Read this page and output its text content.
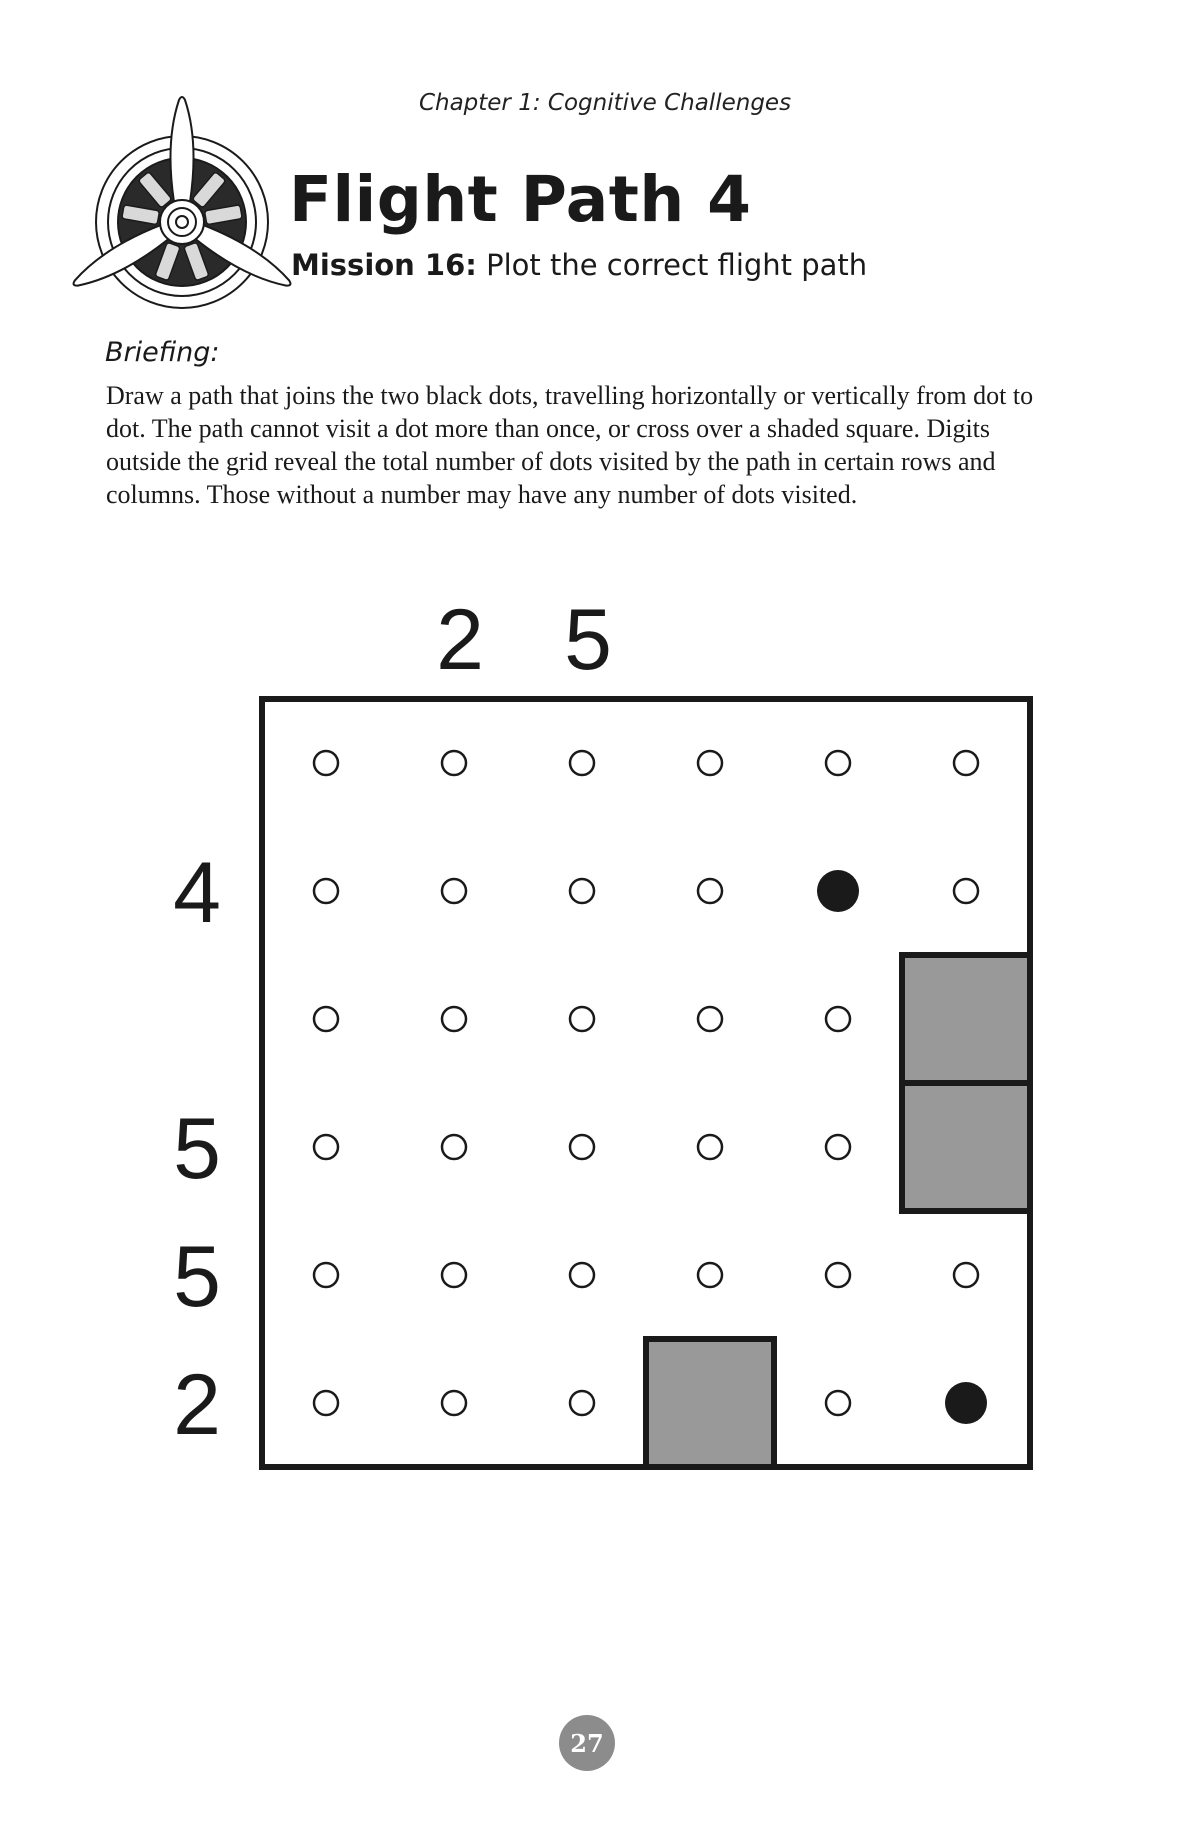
Chapter 1: Cognitive Challenges
Flight Path 4
Mission 16: Plot the correct flight path
Briefing:
Draw a path that joins the two black dots, travelling horizontally or vertically from dot to dot. The path cannot visit a dot more than once, or cross over a shaded square. Digits outside the grid reveal the total number of dots visited by the path in certain rows and columns. Those without a number may have any number of dots visited.
2 5
4
5
5
2
27
